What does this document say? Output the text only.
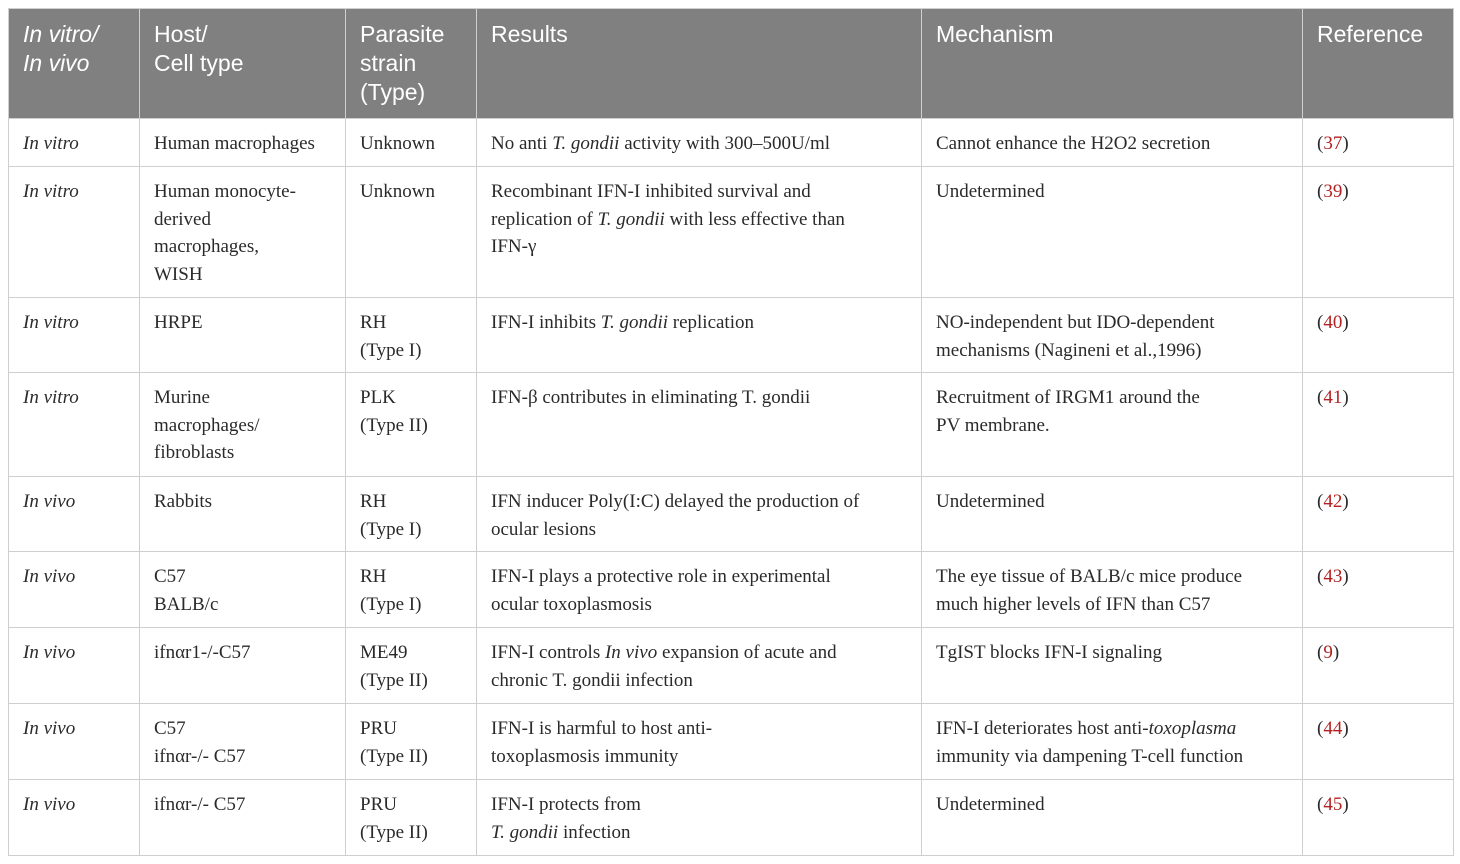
In vitro/
In vivo	Host/
Cell type	Parasite
strain
(Type)	Results	Mechanism	Reference

In vitro	Human macrophages	Unknown	No anti T. gondii activity with 300–500U/ml	Cannot enhance the H2O2 secretion	(37)

In vitro	Human monocyte-
derived
macrophages,
WISH	Unknown	Recombinant IFN-I inhibited survival and
replication of T. gondii with less effective than
IFN-γ	Undetermined	(39)

In vitro	HRPE	RH
(Type I)	IFN-I inhibits T. gondii replication	NO-independent but IDO-dependent
mechanisms (Nagineni et al.,1996)	(40)

In vitro	Murine
macrophages/
fibroblasts	PLK
(Type II)	IFN-β contributes in eliminating T. gondii	Recruitment of IRGM1 around the
PV membrane.	(41)

In vivo	Rabbits	RH
(Type I)	IFN inducer Poly(I:C) delayed the production of
ocular lesions	Undetermined	(42)

In vivo	C57
BALB/c	RH
(Type I)	IFN-I plays a protective role in experimental
ocular toxoplasmosis	The eye tissue of BALB/c mice produce
much higher levels of IFN than C57	(43)

In vivo	ifnαr1-/-C57	ME49
(Type II)	IFN-I controls In vivo expansion of acute and
chronic T. gondii infection	TgIST blocks IFN-I signaling	(9)

In vivo	C57
ifnαr-/- C57	PRU
(Type II)	IFN-I is harmful to host anti-
toxoplasmosis immunity	IFN-I deteriorates host anti-toxoplasma
immunity via dampening T-cell function	(44)

In vivo	ifnαr-/- C57	PRU
(Type II)	IFN-I protects from
T. gondii infection	Undetermined	(45)
